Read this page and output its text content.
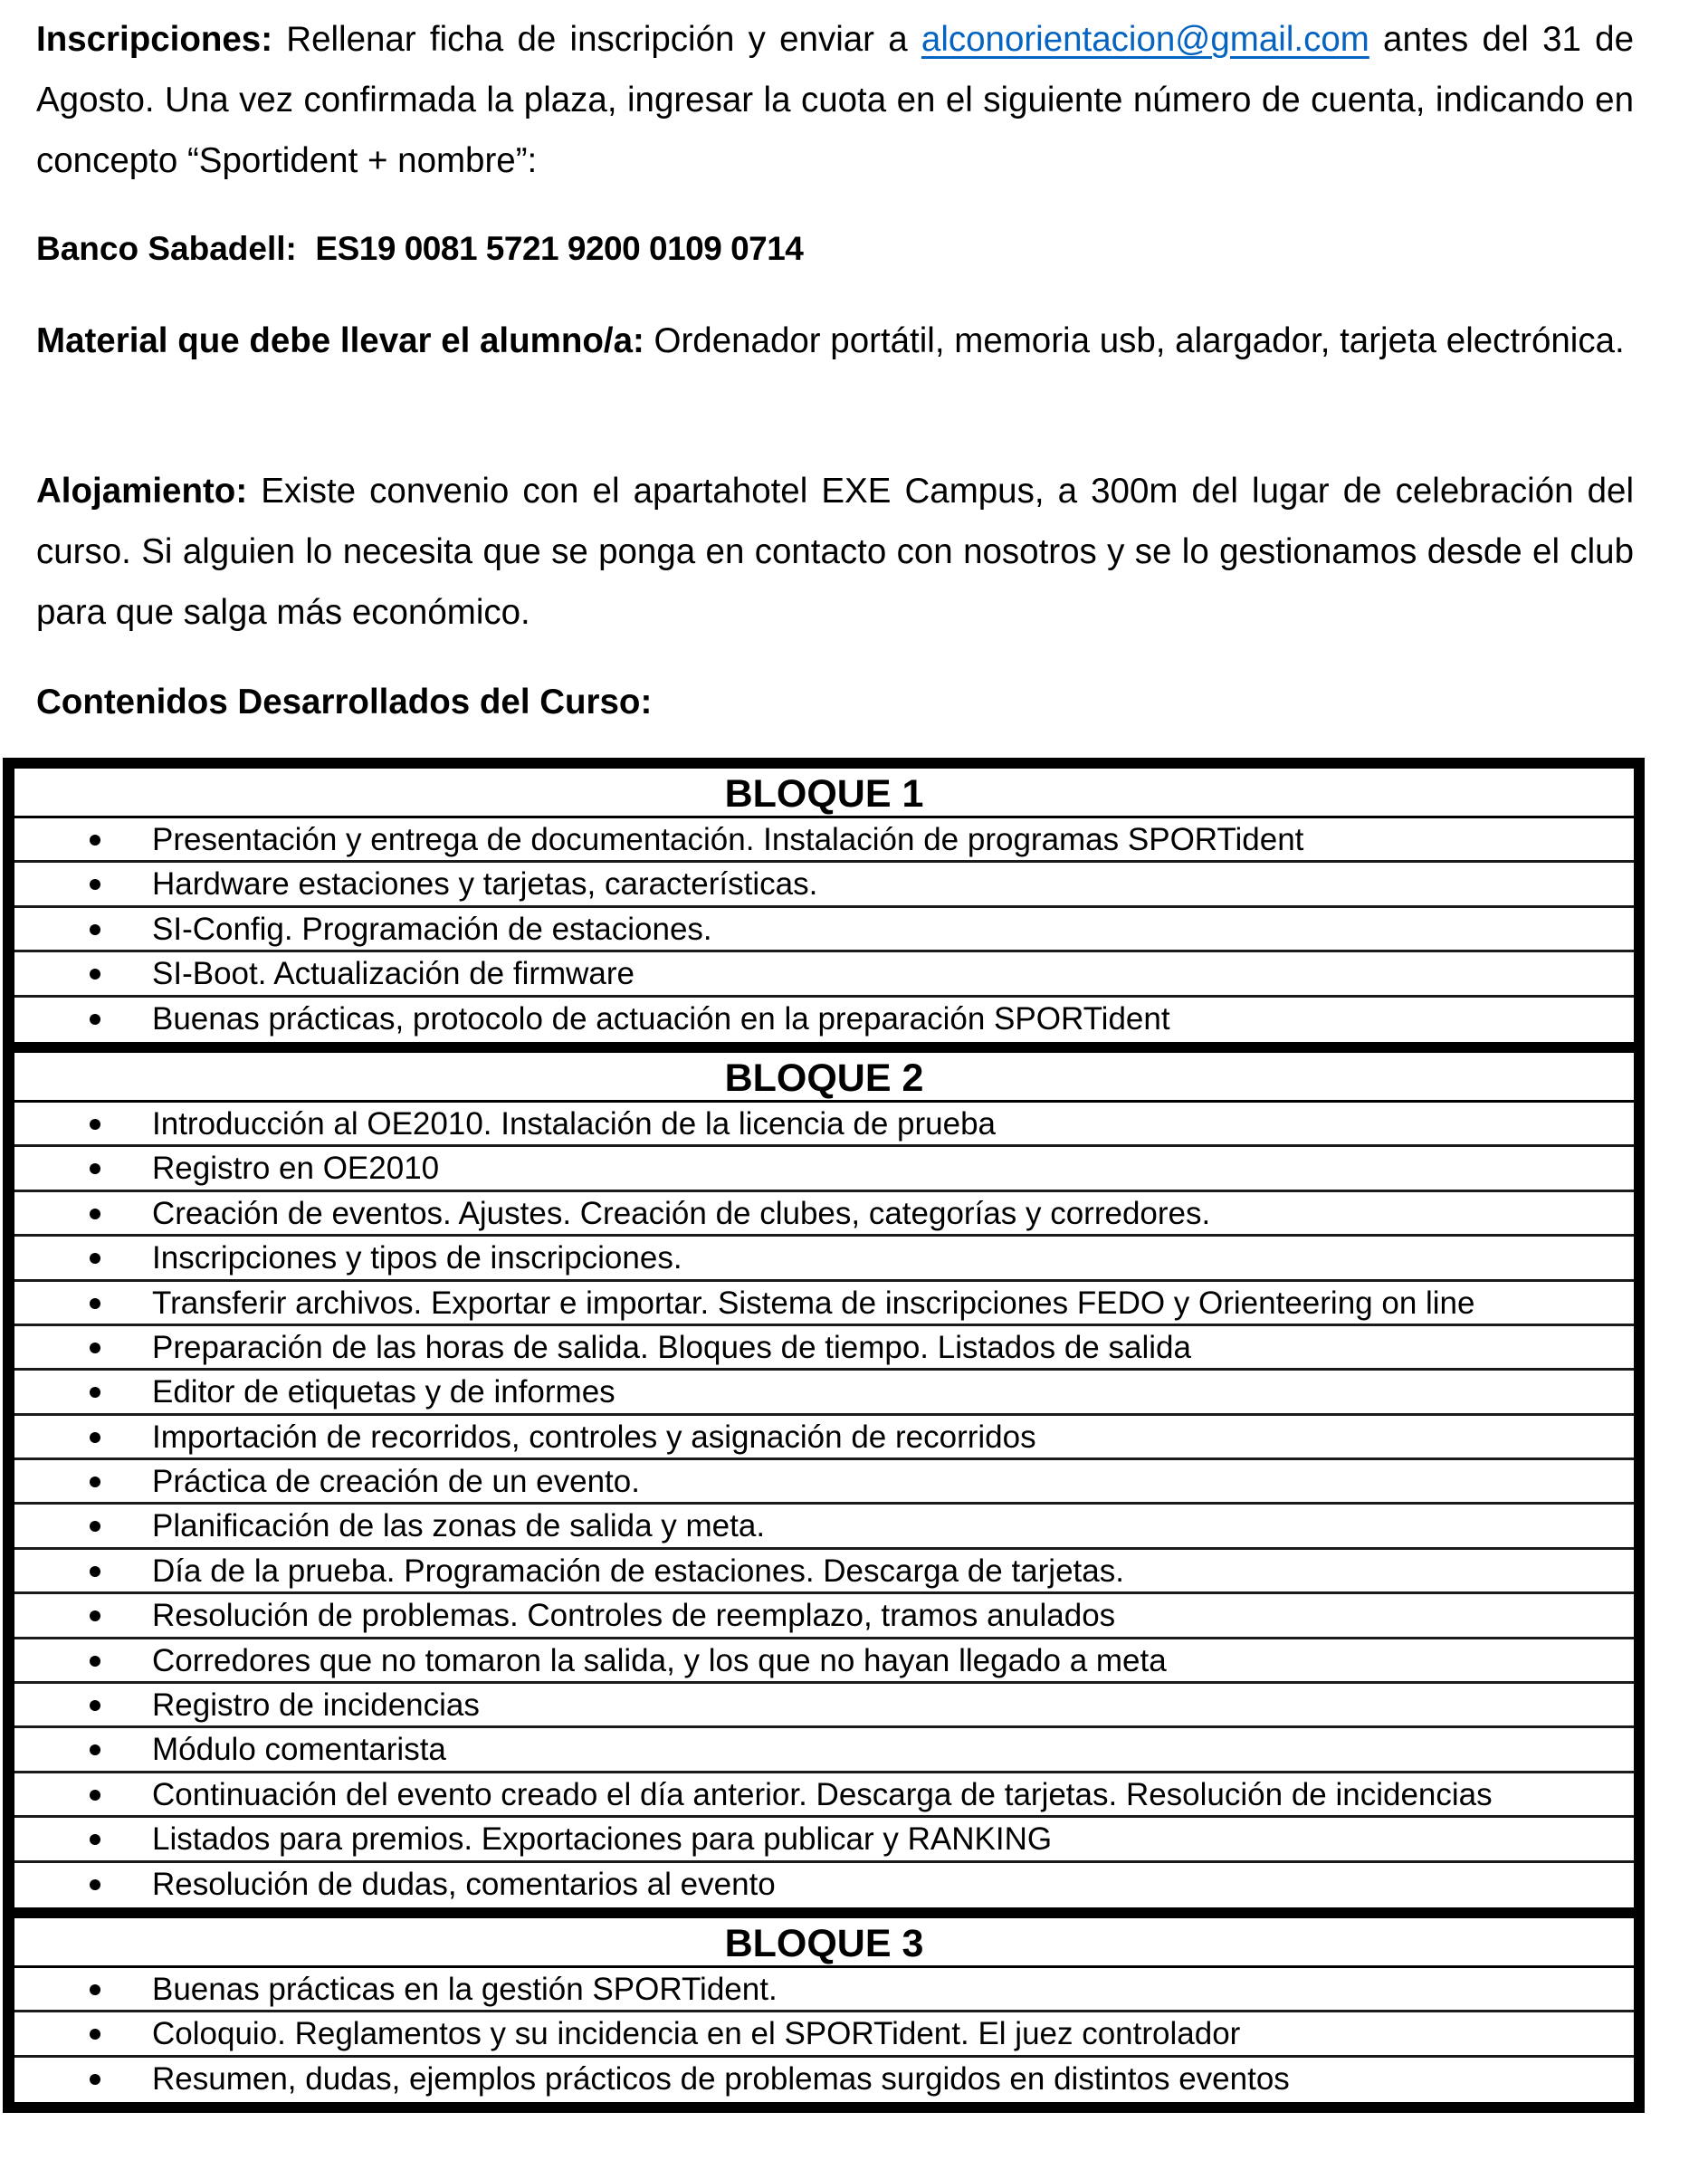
Inscripciones: Rellenar ficha de inscripción y enviar a alconorientacion@gmail.com antes del 31 de Agosto. Una vez confirmada la plaza, ingresar la cuota en el siguiente número de cuenta, indicando en concepto “Sportident + nombre”:

Banco Sabadell: ES19 0081 5721 9200 0109 0714

Material que debe llevar el alumno/a: Ordenador portátil, memoria usb, alargador, tarjeta electrónica.

Alojamiento: Existe convenio con el apartahotel EXE Campus, a 300m del lugar de celebración del curso. Si alguien lo necesita que se ponga en contacto con nosotros y se lo gestionamos desde el club para que salga más económico.

Contenidos Desarrollados del Curso:

BLOQUE 1
Presentación y entrega de documentación. Instalación de programas SPORTident
Hardware estaciones y tarjetas, características.
SI-Config. Programación de estaciones.
SI-Boot. Actualización de firmware
Buenas prácticas, protocolo de actuación en la preparación SPORTident
BLOQUE 2
Introducción al OE2010. Instalación de la licencia de prueba
Registro en OE2010
Creación de eventos. Ajustes. Creación de clubes, categorías y corredores.
Inscripciones y tipos de inscripciones.
Transferir archivos. Exportar e importar. Sistema de inscripciones FEDO y Orienteering on line
Preparación de las horas de salida. Bloques de tiempo. Listados de salida
Editor de etiquetas y de informes
Importación de recorridos, controles y asignación de recorridos
Práctica de creación de un evento.
Planificación de las zonas de salida y meta.
Día de la prueba. Programación de estaciones. Descarga de tarjetas.
Resolución de problemas. Controles de reemplazo, tramos anulados
Corredores que no tomaron la salida, y los que no hayan llegado a meta
Registro de incidencias
Módulo comentarista
Continuación del evento creado el día anterior. Descarga de tarjetas. Resolución de incidencias
Listados para premios. Exportaciones para publicar y RANKING
Resolución de dudas, comentarios al evento
BLOQUE 3
Buenas prácticas en la gestión SPORTident.
Coloquio. Reglamentos y su incidencia en el SPORTident. El juez controlador
Resumen, dudas, ejemplos prácticos de problemas surgidos en distintos eventos
